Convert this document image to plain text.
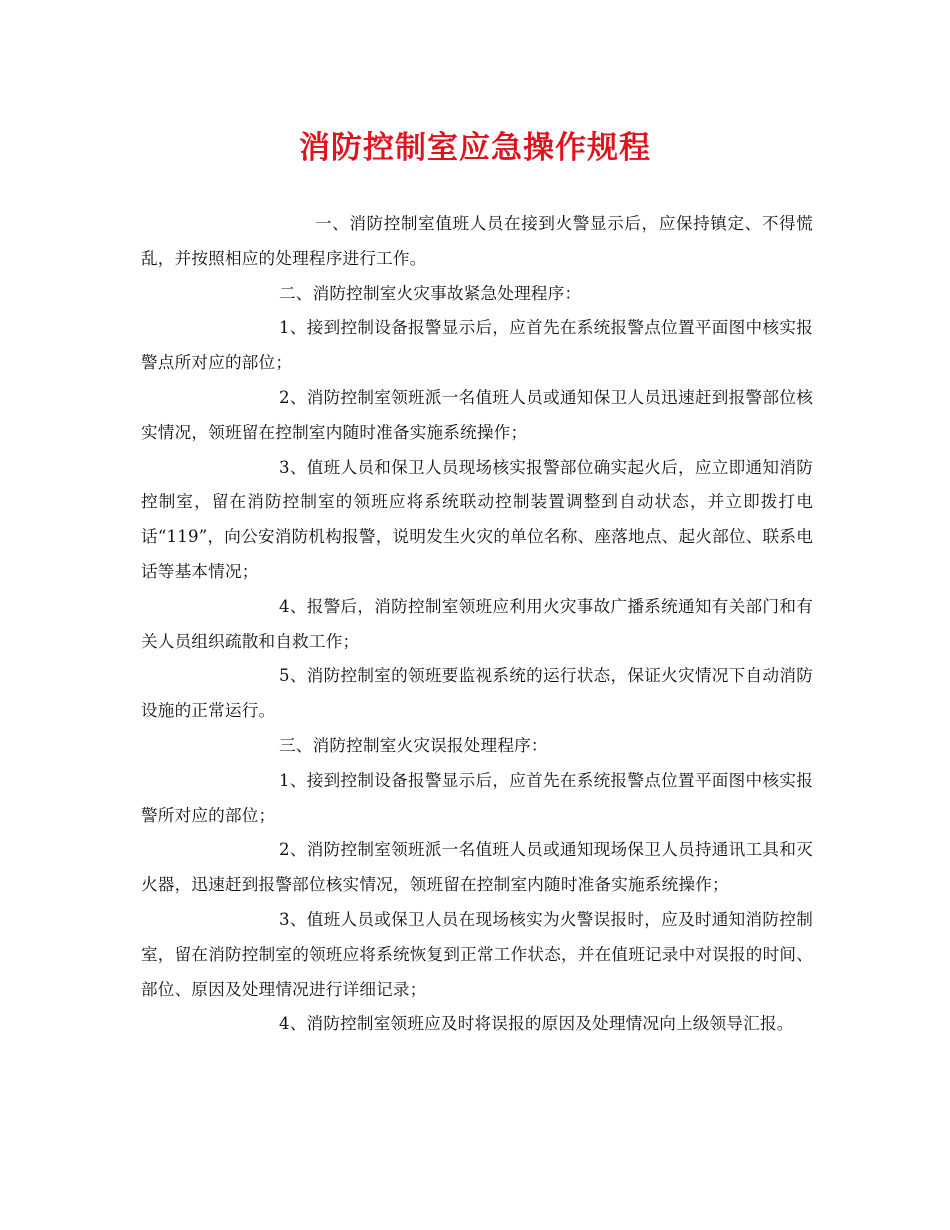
消防控制室应急操作规程

一、消防控制室值班人员在接到火警显示后，应保持镇定、不得慌乱，并按照相应的处理程序进行工作。

二、消防控制室火灾事故紧急处理程序：

1、接到控制设备报警显示后，应首先在系统报警点位置平面图中核实报警点所对应的部位；

2、消防控制室领班派一名值班人员或通知保卫人员迅速赶到报警部位核实情况，领班留在控制室内随时准备实施系统操作；

3、值班人员和保卫人员现场核实报警部位确实起火后，应立即通知消防控制室，留在消防控制室的领班应将系统联动控制装置调整到自动状态，并立即拨打电话“119”，向公安消防机构报警，说明发生火灾的单位名称、座落地点、起火部位、联系电话等基本情况；

4、报警后，消防控制室领班应利用火灾事故广播系统通知有关部门和有关人员组织疏散和自救工作；

5、消防控制室的领班要监视系统的运行状态，保证火灾情况下自动消防设施的正常运行。

三、消防控制室火灾误报处理程序：

1、接到控制设备报警显示后，应首先在系统报警点位置平面图中核实报警所对应的部位；

2、消防控制室领班派一名值班人员或通知现场保卫人员持通讯工具和灭火器，迅速赶到报警部位核实情况，领班留在控制室内随时准备实施系统操作；

3、值班人员或保卫人员在现场核实为火警误报时，应及时通知消防控制室，留在消防控制室的领班应将系统恢复到正常工作状态，并在值班记录中对误报的时间、部位、原因及处理情况进行详细记录；

4、消防控制室领班应及时将误报的原因及处理情况向上级领导汇报。
